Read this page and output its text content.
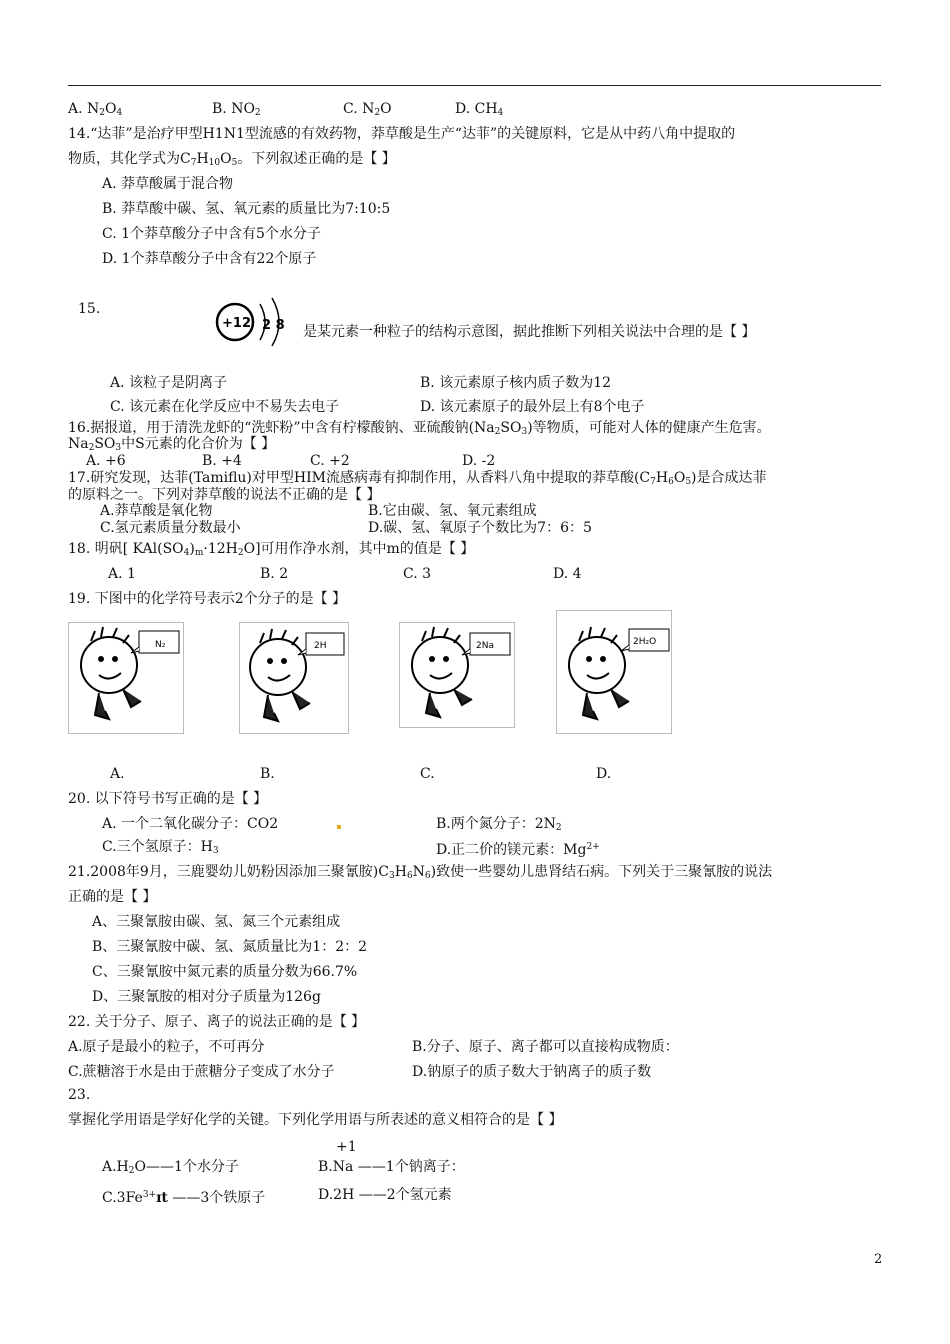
A. $N_2O_4$	B. $NO_2$	C. $N_2O$	D. $CH_4$
14.“达菲”是治疗甲型H1N1型流感的有效药物，莽草酸是生产“达菲”的关键原料，它是从中药八角中提取的
物质，其化学式为$C_7H_{10}O_5$。下列叙述正确的是【 】
A. 莽草酸属于混合物
B. 莽草酸中碳、氢、氧元素的质量比为7:10:5
C. 1个莽草酸分子中含有5个水分子
D. 1个莽草酸分子中含有22个原子
15.
+12 2 8 是某元素一种粒子的结构示意图，据此推断下列相关说法中合理的是【 】
A. 该粒子是阴离子	B. 该元素原子核内质子数为12
C. 该元素在化学反应中不易失去电子	D. 该元素原子的最外层上有8个电子
16.据报道，用于清洗龙虾的“洗虾粉”中含有柠檬酸钠、亚硫酸钠$(Na_2SO_3)$等物质，可能对人体的健康产生危害。
$Na_2SO_3$中S元素的化合价为【 】
A. +6	B. +4	C. +2	D. -2
17.研究发现，达菲(Tamiflu)对甲型HIM流感病毒有抑制作用，从香料八角中提取的莽草酸$(C_7H_6O_5)$是合成达菲
的原料之一。下列对莽草酸的说法不正确的是【 】
A.莽草酸是氧化物	B.它由碳、氢、氧元素组成
C.氢元素质量分数最小	D.碳、氢、氧原子个数比为7：6：5
18. 明矾[ $KAl(SO_4)_m\cdot 12H_2O$]可用作净水剂，其中m的值是【 】
A. 1	B. 2	C. 3	D. 4
19. 下图中的化学符号表示2个分子的是【 】
N₂	2H	2Na	2H₂O
A.	B.	C.	D.
20. 以下符号书写正确的是【 】
A. 一个二氧化碳分子：CO2	B.两个氮分子：$2N_2$
C.三个氢原子：$H_3$	D.正二价的镁元素：$Mg^{2+}$
21.2008年9月，三鹿婴幼儿奶粉因添加三聚氰胺)$C_3H_6N_6$)致使一些婴幼儿患肾结石病。下列关于三聚氰胺的说法
正确的是【 】
A、三聚氰胺由碳、氢、氮三个元素组成
B、三聚氰胺中碳、氢、氮质量比为1：2：2
C、三聚氰胺中氮元素的质量分数为66.7%
D、三聚氰胺的相对分子质量为126g
22. 关于分子、原子、离子的说法正确的是【 】
A.原子是最小的粒子，不可再分	B.分子、原子、离子都可以直接构成物质：
C.蔗糖溶于水是由于蔗糖分子变成了水分子	D.钠原子的质子数大于钠离子的质子数
23.
掌握化学用语是学好化学的关键。下列化学用语与所表述的意义相符合的是【 】
+1
$A.H_2O——1$个水分子	B.Na ——1个钠离子：
$C.3Fe^{3+}ɪt$ ——3个铁原子	D.2H ——2个氢元素
2
